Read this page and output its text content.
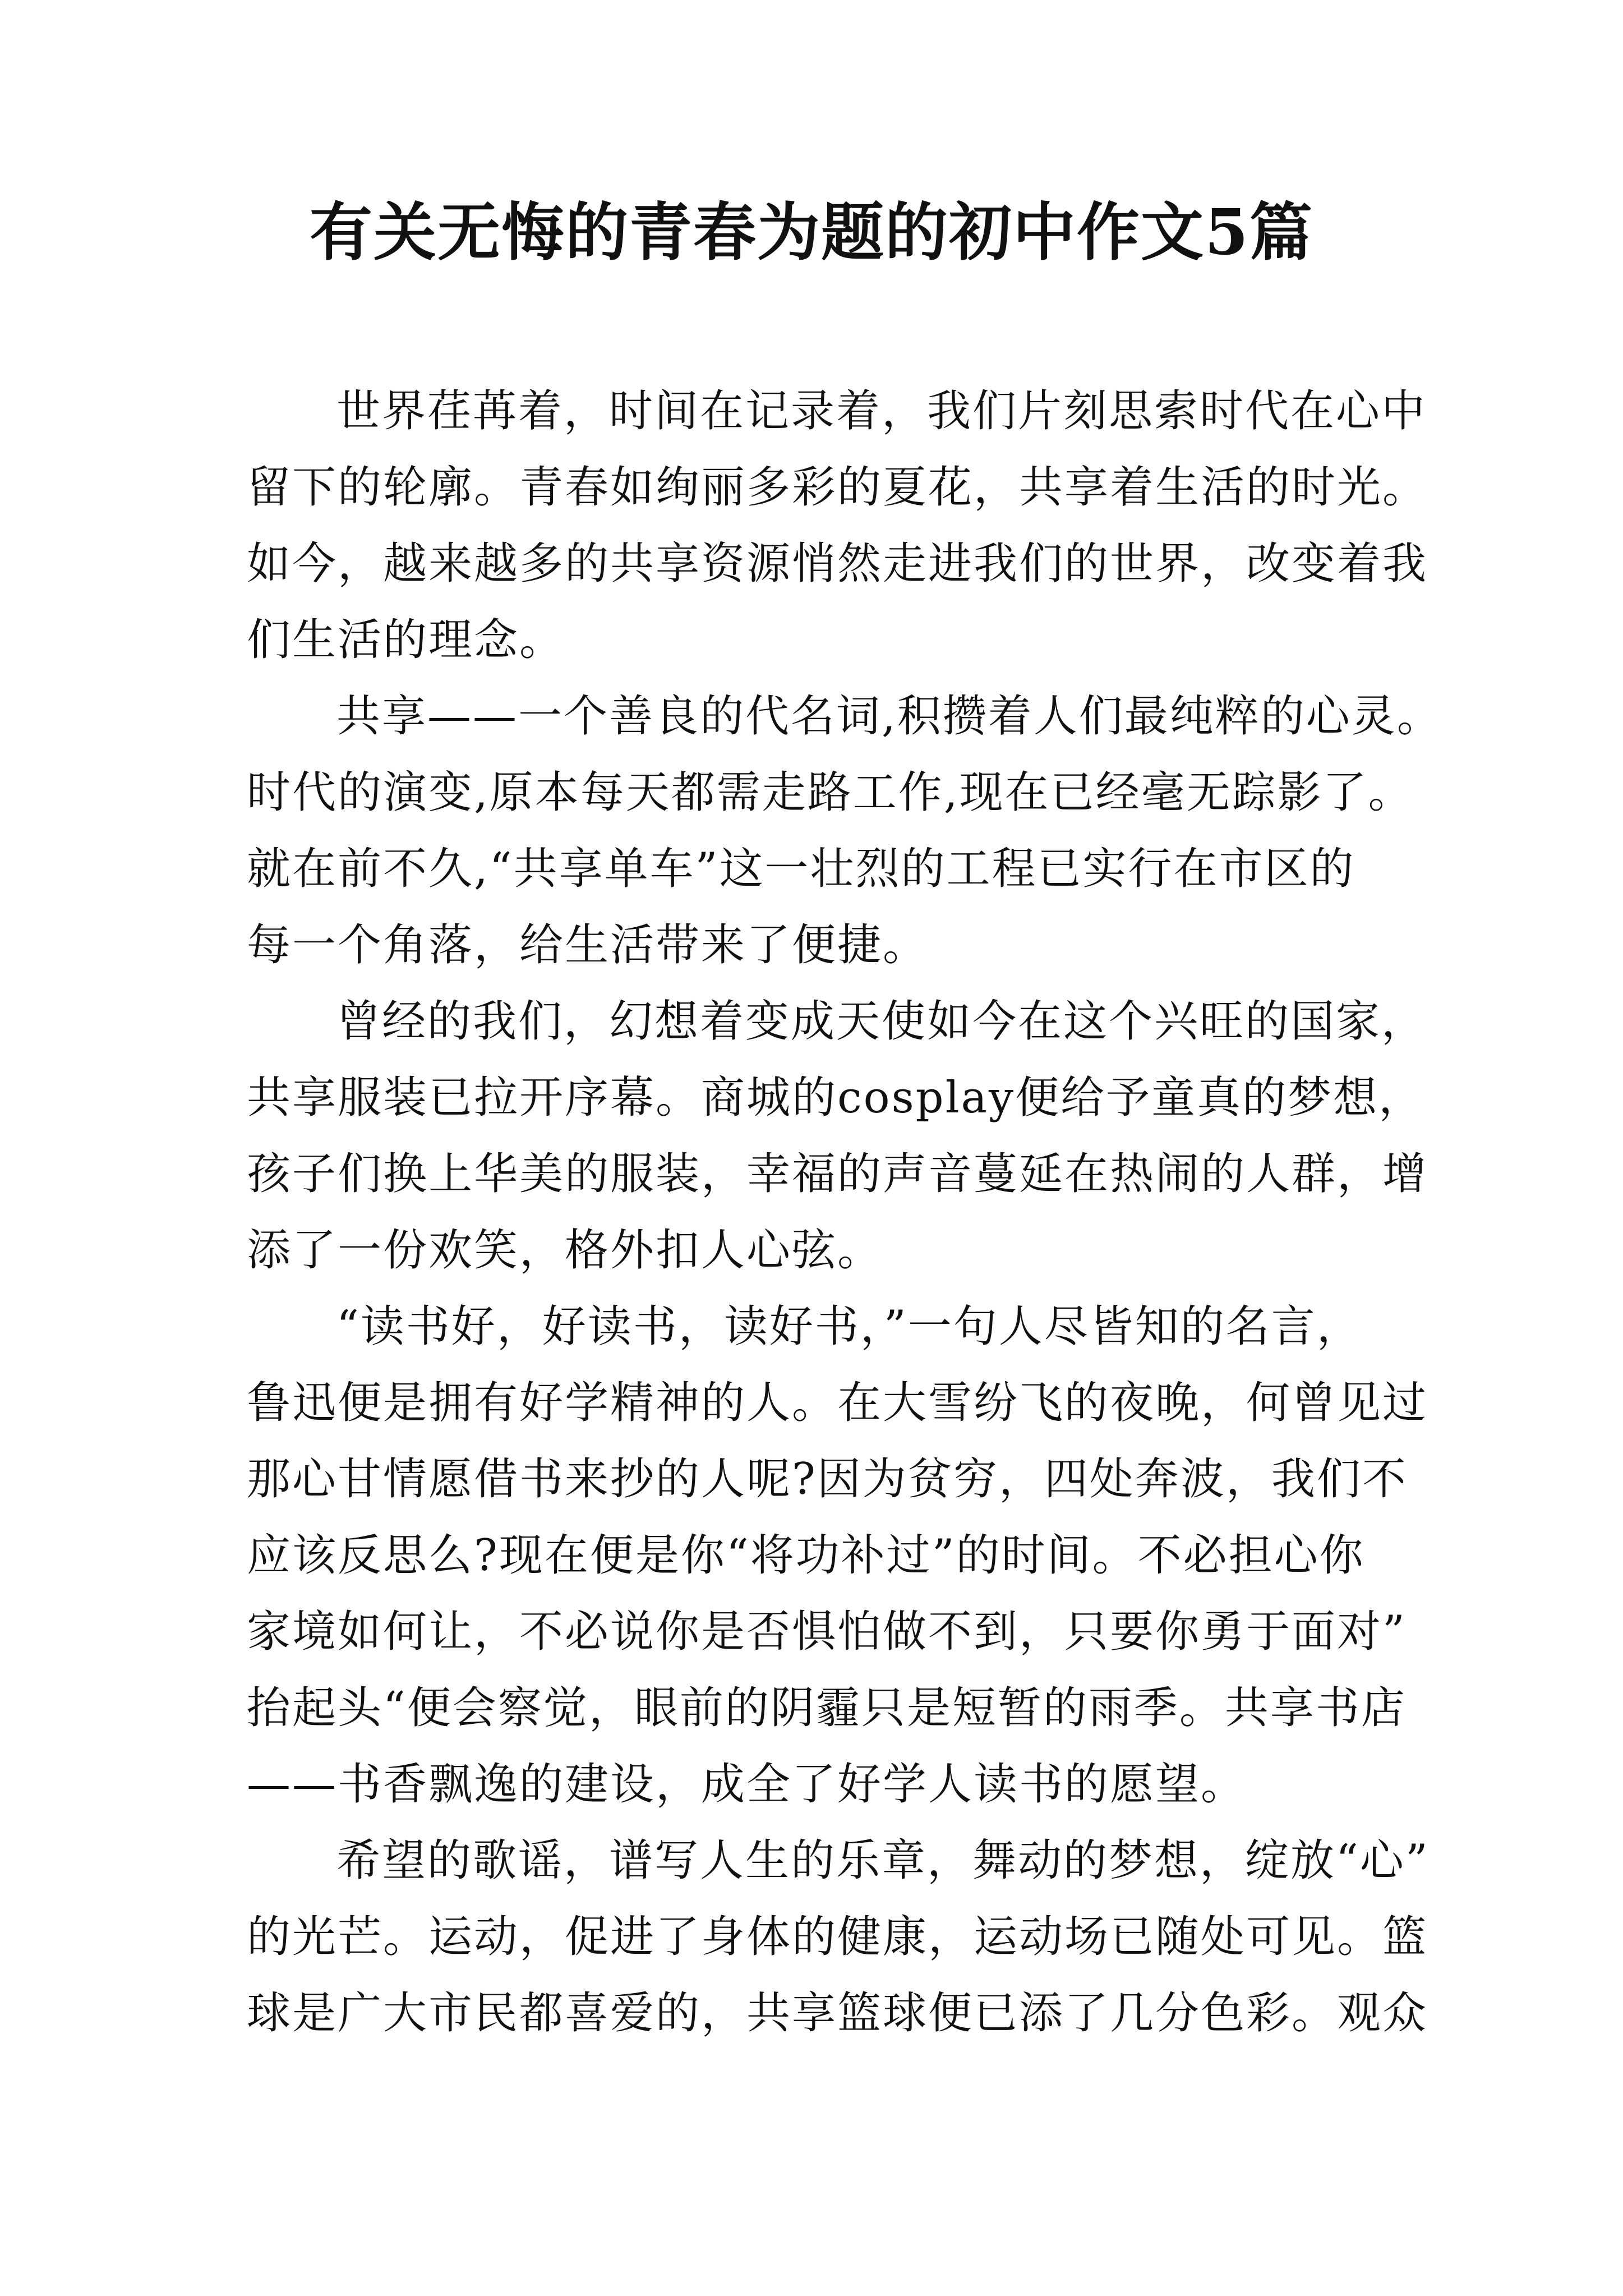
有关无悔的青春为题的初中作文5篇
世界荏苒着，时间在记录着，我们片刻思索时代在心中
留下的轮廓。青春如绚丽多彩的夏花，共享着生活的时光。
如今，越来越多的共享资源悄然走进我们的世界，改变着我
们生活的理念。
共享——一个善良的代名词,积攒着人们最纯粹的心灵。
时代的演变,原本每天都需走路工作,现在已经毫无踪影了。
就在前不久,“共享单车”这一壮烈的工程已实行在市区的
每一个角落，给生活带来了便捷。
曾经的我们，幻想着变成天使如今在这个兴旺的国家，
共享服装已拉开序幕。商城的cosplay便给予童真的梦想，
孩子们换上华美的服装，幸福的声音蔓延在热闹的人群，增
添了一份欢笑，格外扣人心弦。
“读书好，好读书，读好书，”一句人尽皆知的名言，
鲁迅便是拥有好学精神的人。在大雪纷飞的夜晚，何曾见过
那心甘情愿借书来抄的人呢?因为贫穷，四处奔波，我们不
应该反思么?现在便是你“将功补过”的时间。不必担心你
家境如何让，不必说你是否惧怕做不到，只要你勇于面对”
抬起头“便会察觉，眼前的阴霾只是短暂的雨季。共享书店
——书香飘逸的建设，成全了好学人读书的愿望。
希望的歌谣，谱写人生的乐章，舞动的梦想，绽放“心”
的光芒。运动，促进了身体的健康，运动场已随处可见。篮
球是广大市民都喜爱的，共享篮球便已添了几分色彩。观众
